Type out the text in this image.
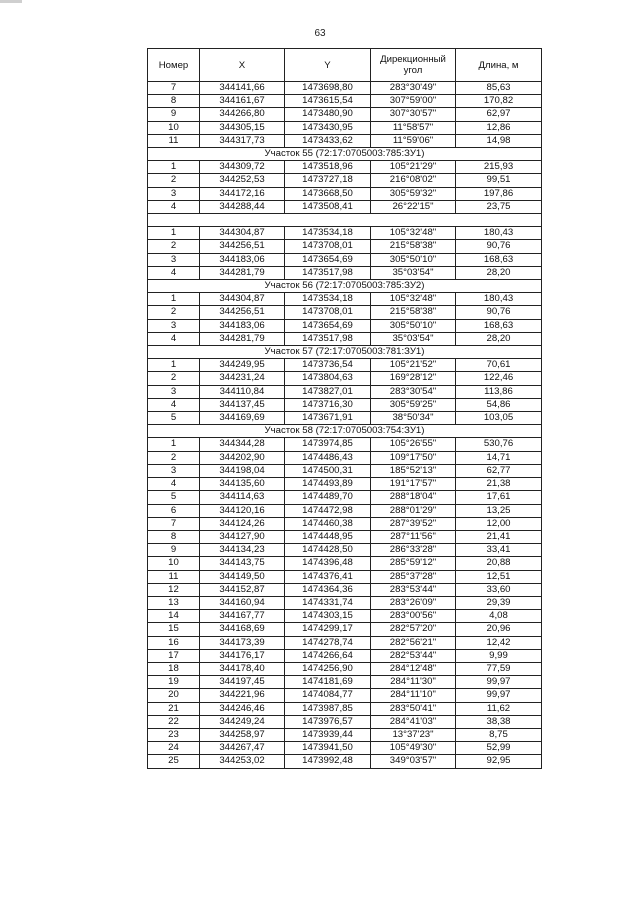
63
Номер	X	Y	Дирекционный угол	Длина, м
7	344141,66	1473698,80	283°30'49"	85,63
8	344161,67	1473615,54	307°59'00"	170,82
9	344266,80	1473480,90	307°30'57"	62,97
10	344305,15	1473430,95	11°58'57"	12,86
11	344317,73	1473433,62	11°59'06"	14,98
Участок 55 (72:17:0705003:785:ЗУ1)				
1	344309,72	1473518,96	105°21'29"	215,93
2	344252,53	1473727,18	216°08'02"	99,51
3	344172,16	1473668,50	305°59'32"	197,86
4	344288,44	1473508,41	26°22'15"	23,75

1	344304,87	1473534,18	105°32'48"	180,43
2	344256,51	1473708,01	215°58'38"	90,76
3	344183,06	1473654,69	305°50'10"	168,63
4	344281,79	1473517,98	35°03'54"	28,20
Участок 56 (72:17:0705003:785:ЗУ2)				
1	344304,87	1473534,18	105°32'48"	180,43
2	344256,51	1473708,01	215°58'38"	90,76
3	344183,06	1473654,69	305°50'10"	168,63
4	344281,79	1473517,98	35°03'54"	28,20
Участок 57 (72:17:0705003:781:ЗУ1)				
1	344249,95	1473736,54	105°21'52"	70,61
2	344231,24	1473804,63	169°28'12"	122,46
3	344110,84	1473827,01	283°30'54"	113,86
4	344137,45	1473716,30	305°59'25"	54,86
5	344169,69	1473671,91	38°50'34"	103,05
Участок 58 (72:17:0705003:754:ЗУ1)				
1	344344,28	1473974,85	105°26'55"	530,76
2	344202,90	1474486,43	109°17'50"	14,71
3	344198,04	1474500,31	185°52'13"	62,77
4	344135,60	1474493,89	191°17'57"	21,38
5	344114,63	1474489,70	288°18'04"	17,61
6	344120,16	1474472,98	288°01'29"	13,25
7	344124,26	1474460,38	287°39'52"	12,00
8	344127,90	1474448,95	287°11'56"	21,41
9	344134,23	1474428,50	286°33'28"	33,41
10	344143,75	1474396,48	285°59'12"	20,88
11	344149,50	1474376,41	285°37'28"	12,51
12	344152,87	1474364,36	283°53'44"	33,60
13	344160,94	1474331,74	283°26'09"	29,39
14	344167,77	1474303,15	283°00'56"	4,08
15	344168,69	1474299,17	282°57'20"	20,96
16	344173,39	1474278,74	282°56'21"	12,42
17	344176,17	1474266,64	282°53'44"	9,99
18	344178,40	1474256,90	284°12'48"	77,59
19	344197,45	1474181,69	284°11'30"	99,97
20	344221,96	1474084,77	284°11'10"	99,97
21	344246,46	1473987,85	283°50'41"	11,62
22	344249,24	1473976,57	284°41'03"	38,38
23	344258,97	1473939,44	13°37'23"	8,75
24	344267,47	1473941,50	105°49'30"	52,99
25	344253,02	1473992,48	349°03'57"	92,95
